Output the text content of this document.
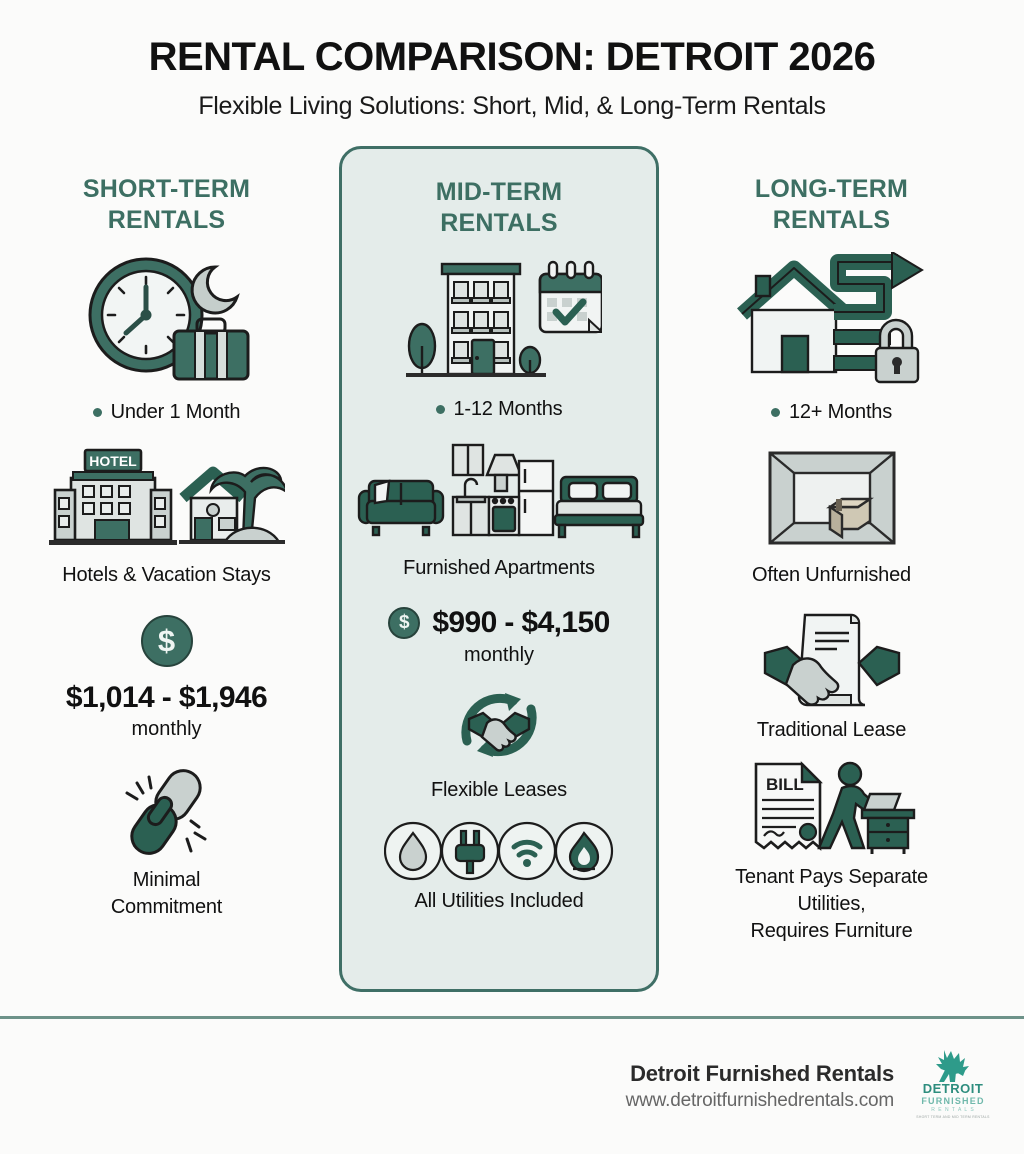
RENTAL COMPARISON: DETROIT 2026
Flexible Living Solutions: Short, Mid, & Long-Term Rentals
SHORT-TERM
RENTALS
Under 1 Month
HOTEL
Hotels & Vacation Stays
$
$1,014 - $1,946
monthly
Minimal
Commitment
MID-TERM
RENTALS
1-12 Months
Furnished Apartments
$ $990 - $4,150
monthly
Flexible Leases
All Utilities Included
LONG-TERM
RENTALS
12+ Months
Often Unfurnished
Traditional Lease
BILL
Tenant Pays Separate
Utilities,
Requires Furniture
Detroit Furnished Rentals
www.detroitfurnishedrentals.com
DETROIT
FURNISHED
R E N T A L S
SHORT TERM AND MID TERM RENTALS
